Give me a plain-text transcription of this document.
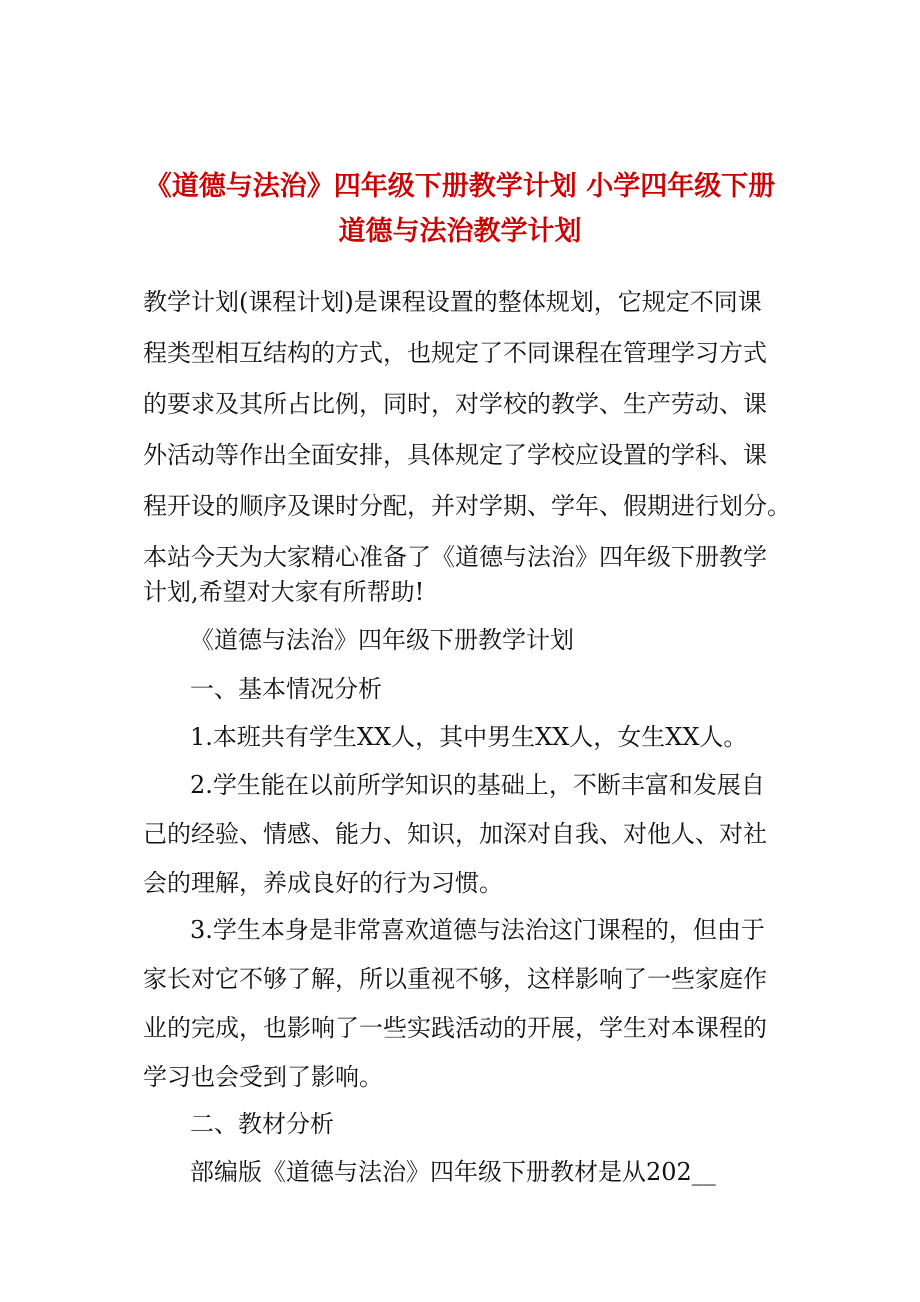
《道德与法治》四年级下册教学计划 小学四年级下册
道德与法治教学计划
教学计划(课程计划)是课程设置的整体规划，它规定不同课
程类型相互结构的方式，也规定了不同课程在管理学习方式
的要求及其所占比例，同时，对学校的教学、生产劳动、课
外活动等作出全面安排，具体规定了学校应设置的学科、课
程开设的顺序及课时分配，并对学期、学年、假期进行划分。
本站今天为大家精心准备了《道德与法治》四年级下册教学
计划,希望对大家有所帮助!
《道德与法治》四年级下册教学计划
一、基本情况分析
1.本班共有学生XX人，其中男生XX人，女生XX人。
2.学生能在以前所学知识的基础上，不断丰富和发展自
己的经验、情感、能力、知识，加深对自我、对他人、对社
会的理解，养成良好的行为习惯。
3.学生本身是非常喜欢道德与法治这门课程的，但由于
家长对它不够了解，所以重视不够，这样影响了一些家庭作
业的完成，也影响了一些实践活动的开展，学生对本课程的
学习也会受到了影响。
二、教材分析
部编版《道德与法治》四年级下册教材是从202__
